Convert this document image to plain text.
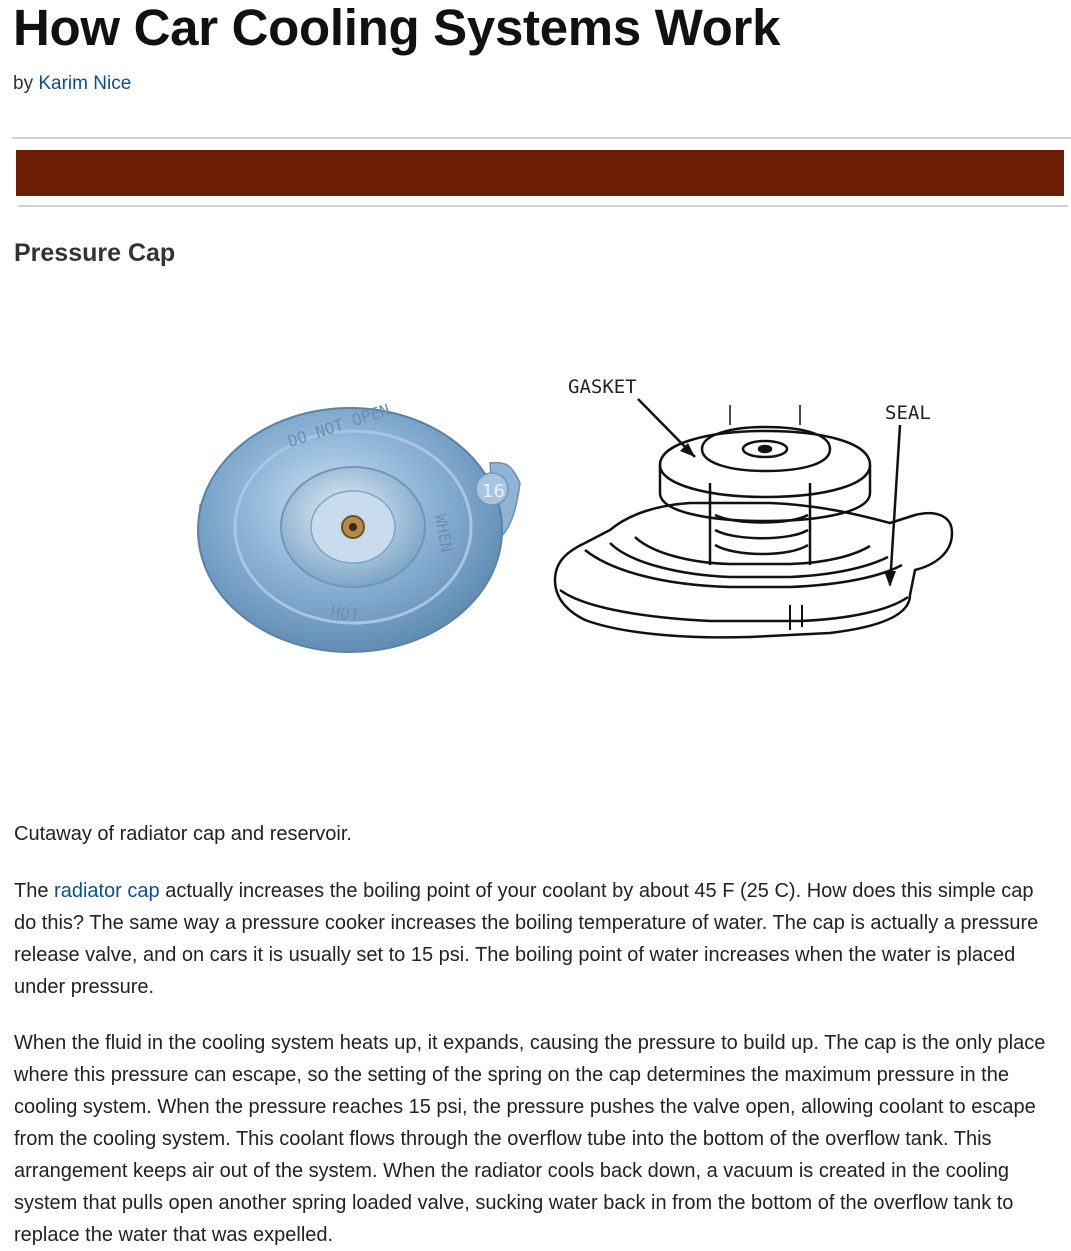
How Car Cooling Systems Work
by Karim Nice
Pressure Cap
DO NOT OPEN
HOT
WHEN
16
GASKET
SEAL
Cutaway of radiator cap and reservoir.

The radiator cap actually increases the boiling point of your coolant by about 45 F (25 C). How does this simple cap do this? The same way a pressure cooker increases the boiling temperature of water. The cap is actually a pressure release valve, and on cars it is usually set to 15 psi. The boiling point of water increases when the water is placed under pressure.

When the fluid in the cooling system heats up, it expands, causing the pressure to build up. The cap is the only place where this pressure can escape, so the setting of the spring on the cap determines the maximum pressure in the cooling system. When the pressure reaches 15 psi, the pressure pushes the valve open, allowing coolant to escape from the cooling system. This coolant flows through the overflow tube into the bottom of the overflow tank. This arrangement keeps air out of the system. When the radiator cools back down, a vacuum is created in the cooling system that pulls open another spring loaded valve, sucking water back in from the bottom of the overflow tank to replace the water that was expelled.
